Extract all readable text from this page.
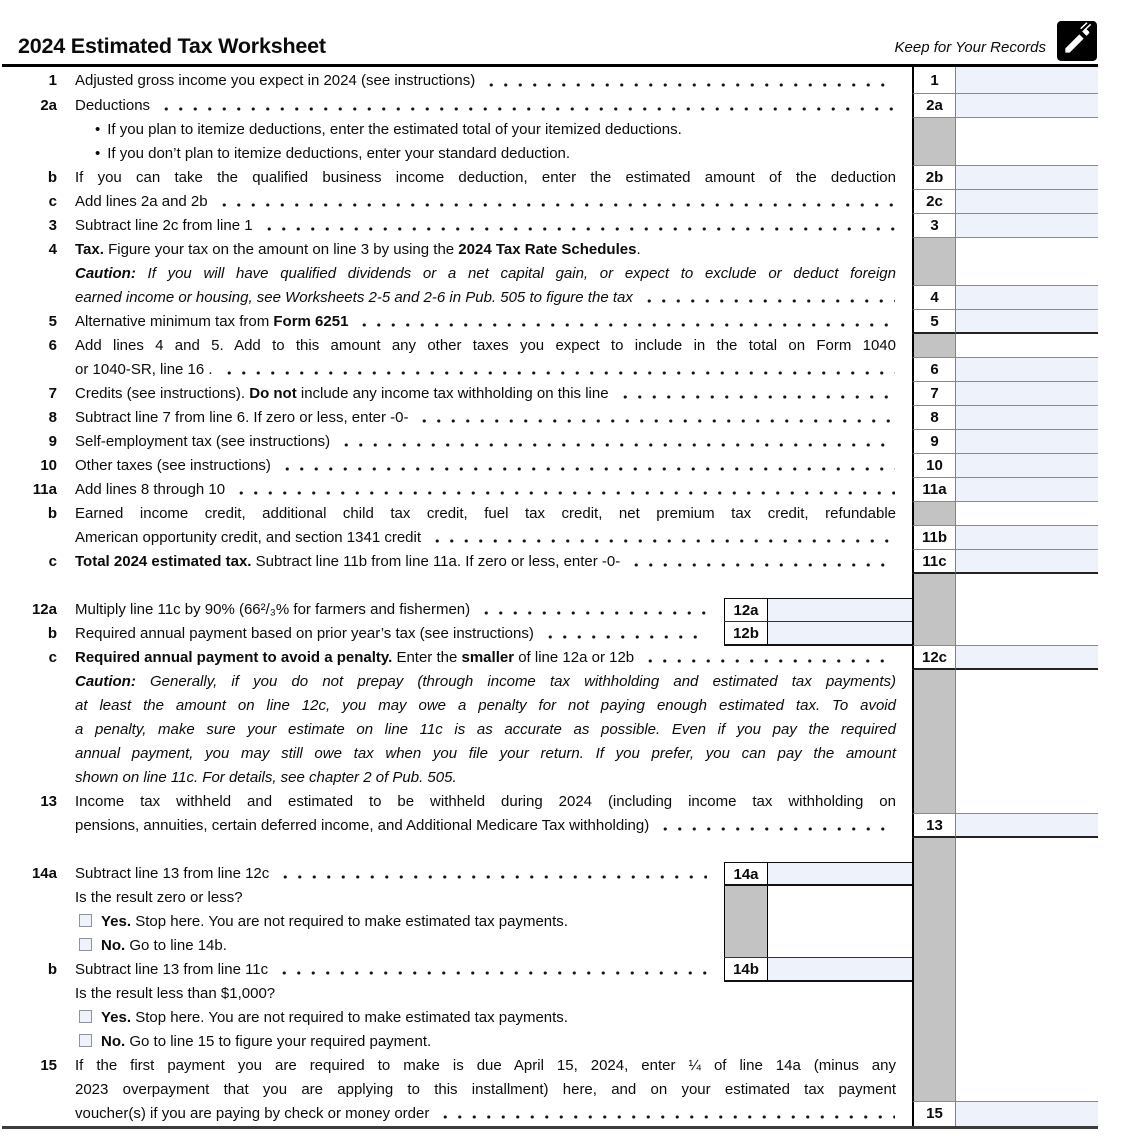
2024 Estimated Tax Worksheet	Keep for Your Records
1 Adjusted gross income you expect in 2024 (see instructions)	1
2a Deductions	2a
• If you plan to itemize deductions, enter the estimated total of your itemized deductions.
• If you don’t plan to itemize deductions, enter your standard deduction.
b If you can take the qualified business income deduction, enter the estimated amount of the deduction	2b
c Add lines 2a and 2b	2c
3 Subtract line 2c from line 1	3
4 Tax. Figure your tax on the amount on line 3 by using the 2024 Tax Rate Schedules.
Caution: If you will have qualified dividends or a net capital gain, or expect to exclude or deduct foreign
earned income or housing, see Worksheets 2-5 and 2-6 in Pub. 505 to figure the tax	4
5 Alternative minimum tax from Form 6251	5
6 Add lines 4 and 5. Add to this amount any other taxes you expect to include in the total on Form 1040
or 1040-SR, line 16 .	6
7 Credits (see instructions). Do not include any income tax withholding on this line	7
8 Subtract line 7 from line 6. If zero or less, enter -0-	8
9 Self-employment tax (see instructions)	9
10 Other taxes (see instructions)	10
11a Add lines 8 through 10	11a
b Earned income credit, additional child tax credit, fuel tax credit, net premium tax credit, refundable
American opportunity credit, and section 1341 credit	11b
c Total 2024 estimated tax. Subtract line 11b from line 11a. If zero or less, enter -0-	11c
12a Multiply line 11c by 90% (66²/₃% for farmers and fishermen)	12a
b Required annual payment based on prior year’s tax (see instructions)	12b
c Required annual payment to avoid a penalty. Enter the smaller of line 12a or 12b	12c
Caution: Generally, if you do not prepay (through income tax withholding and estimated tax payments)
at least the amount on line 12c, you may owe a penalty for not paying enough estimated tax. To avoid
a penalty, make sure your estimate on line 11c is as accurate as possible. Even if you pay the required
annual payment, you may still owe tax when you file your return. If you prefer, you can pay the amount
shown on line 11c. For details, see chapter 2 of Pub. 505.
13 Income tax withheld and estimated to be withheld during 2024 (including income tax withholding on
pensions, annuities, certain deferred income, and Additional Medicare Tax withholding)	13
14a Subtract line 13 from line 12c	14a
Is the result zero or less?
Yes. Stop here. You are not required to make estimated tax payments.
No. Go to line 14b.
b Subtract line 13 from line 11c	14b
Is the result less than $1,000?
Yes. Stop here. You are not required to make estimated tax payments.
No. Go to line 15 to figure your required payment.
15 If the first payment you are required to make is due April 15, 2024, enter ¼ of line 14a (minus any
2023 overpayment that you are applying to this installment) here, and on your estimated tax payment
voucher(s) if you are paying by check or money order	15
